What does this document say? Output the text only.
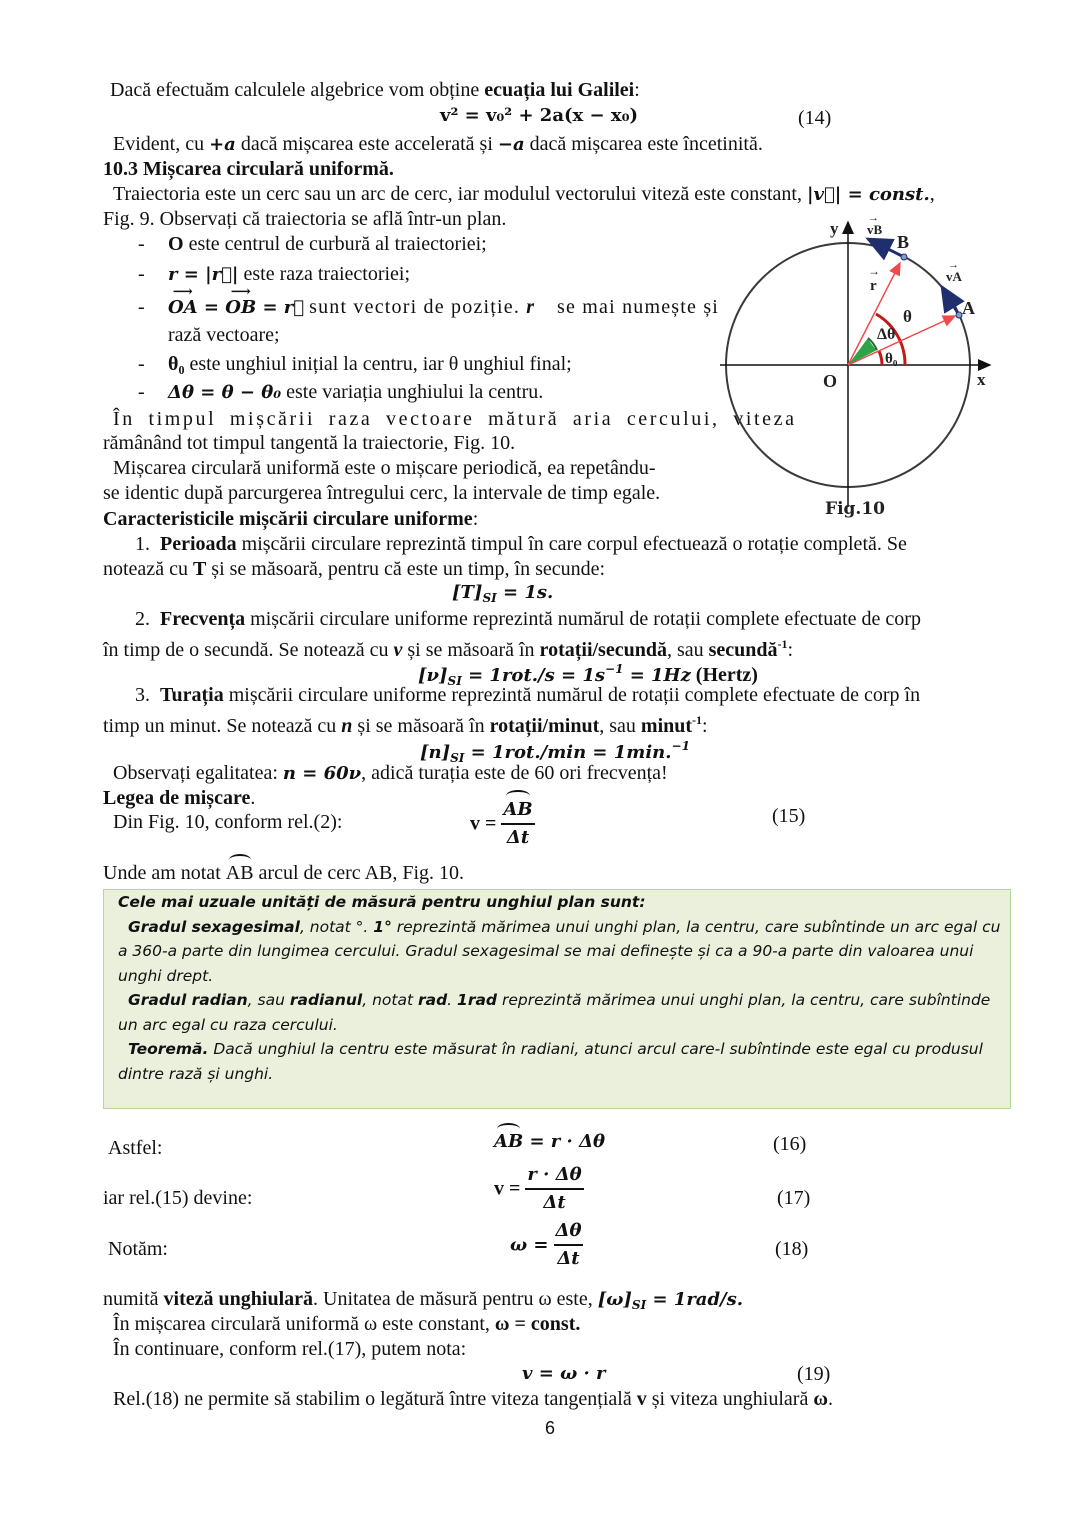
Dacă efectuăm calculele algebrice vom obține ecuația lui Galilei:
v² = v₀² + 2a(x − x₀)	(14)
Evident, cu +a dacă mișcarea este accelerată și −a dacă mișcarea este încetinită.
10.3 Mișcarea circulară uniformă.
Traiectoria este un cerc sau un arc de cerc, iar modulul vectorului viteză este constant, |v⃗| = const.,
Fig. 9. Observați că traiectoria se află într-un plan.
- O este centrul de curbură al traiectoriei;
- r = |r⃗| este raza traiectoriei;
- OA ⟶ = OB ⟶ = r⃗ sunt vectori de poziție. r⃗ se mai numește și
rază vectoare;
- θ₀ este unghiul inițial la centru, iar θ unghiul final;
- Δθ = θ − θ₀ este variația unghiului la centru.
În timpul mișcării raza vectoare mătură aria cercului, viteza
rămânând tot timpul tangentă la traiectorie, Fig. 10.
Mișcarea circulară uniformă este o mișcare periodică, ea repetându-
se identic după parcurgerea întregului cerc, la intervale de timp egale.
Caracteristicile mișcării circulare uniforme:
y
x
O
A
B
r
→	vA
→
vB
→
θ
Δθ
θ₀
Fig.10
1. Perioada mișcării circulare reprezintă timpul în care corpul efectuează o rotație completă. Se
notează cu T și se măsoară, pentru că este un timp, în secunde:
$[T]_{SI} = 1s$.
2. Frecvența mișcării circulare uniforme reprezintă numărul de rotații complete efectuate de corp
în timp de o secundă. Se notează cu ν și se măsoară în rotații/secundă, sau secundă$^{-1}$:
$[\nu]_{SI} = 1rot./s = 1s^{-1} = 1Hz$ (Hertz)
3. Turația mișcării circulare uniforme reprezintă numărul de rotații complete efectuate de corp în
timp un minut. Se notează cu n și se măsoară în rotații/minut, sau minut$^{-1}$:
$[n]_{SI} = 1rot./\min = 1\min.^{-1}$
Observați egalitatea: n = 60ν, adică turația este de 60 ori frecvența!
Legea de mișcare.
Din Fig. 10, conform rel.(2):	$v = \frac{AB}{\Delta t}$	(15)
Unde am notat AB arcul de cerc AB, Fig. 10.
Cele mai uzuale unități de măsură pentru unghiul plan sunt:
Gradul sexagesimal, notat °. 1° reprezintă mărimea unui unghi plan, la centru, care subîntinde un arc egal cu
a 360-a parte din lungimea cercului. Gradul sexagesimal se mai definește și ca a 90-a parte din valoarea unui
unghi drept.
Gradul radian, sau radianul, notat rad. 1rad reprezintă mărimea unui unghi plan, la centru, care subîntinde
un arc egal cu raza cercului.
Teoremă. Dacă unghiul la centru este măsurat în radiani, atunci arcul care-l subîntinde este egal cu produsul
dintre rază și unghi.
Astfel:	AB = r · Δθ	(16)
iar rel.(15) devine:	$v = \frac{r \cdot \Delta\theta}{\Delta t}$	(17)
Notăm:	$\omega = \frac{\Delta\theta}{\Delta t}$	(18)
numită viteză unghiulară. Unitatea de măsură pentru ω este, $[\omega]_{SI} = 1rad/s$.
În mișcarea circulară uniformă ω este constant, ω = const.
În continuare, conform rel.(17), putem nota:
v = ω · r	(19)
Rel.(18) ne permite să stabilim o legătură între viteza tangențială v și viteza unghiulară ω.
6
